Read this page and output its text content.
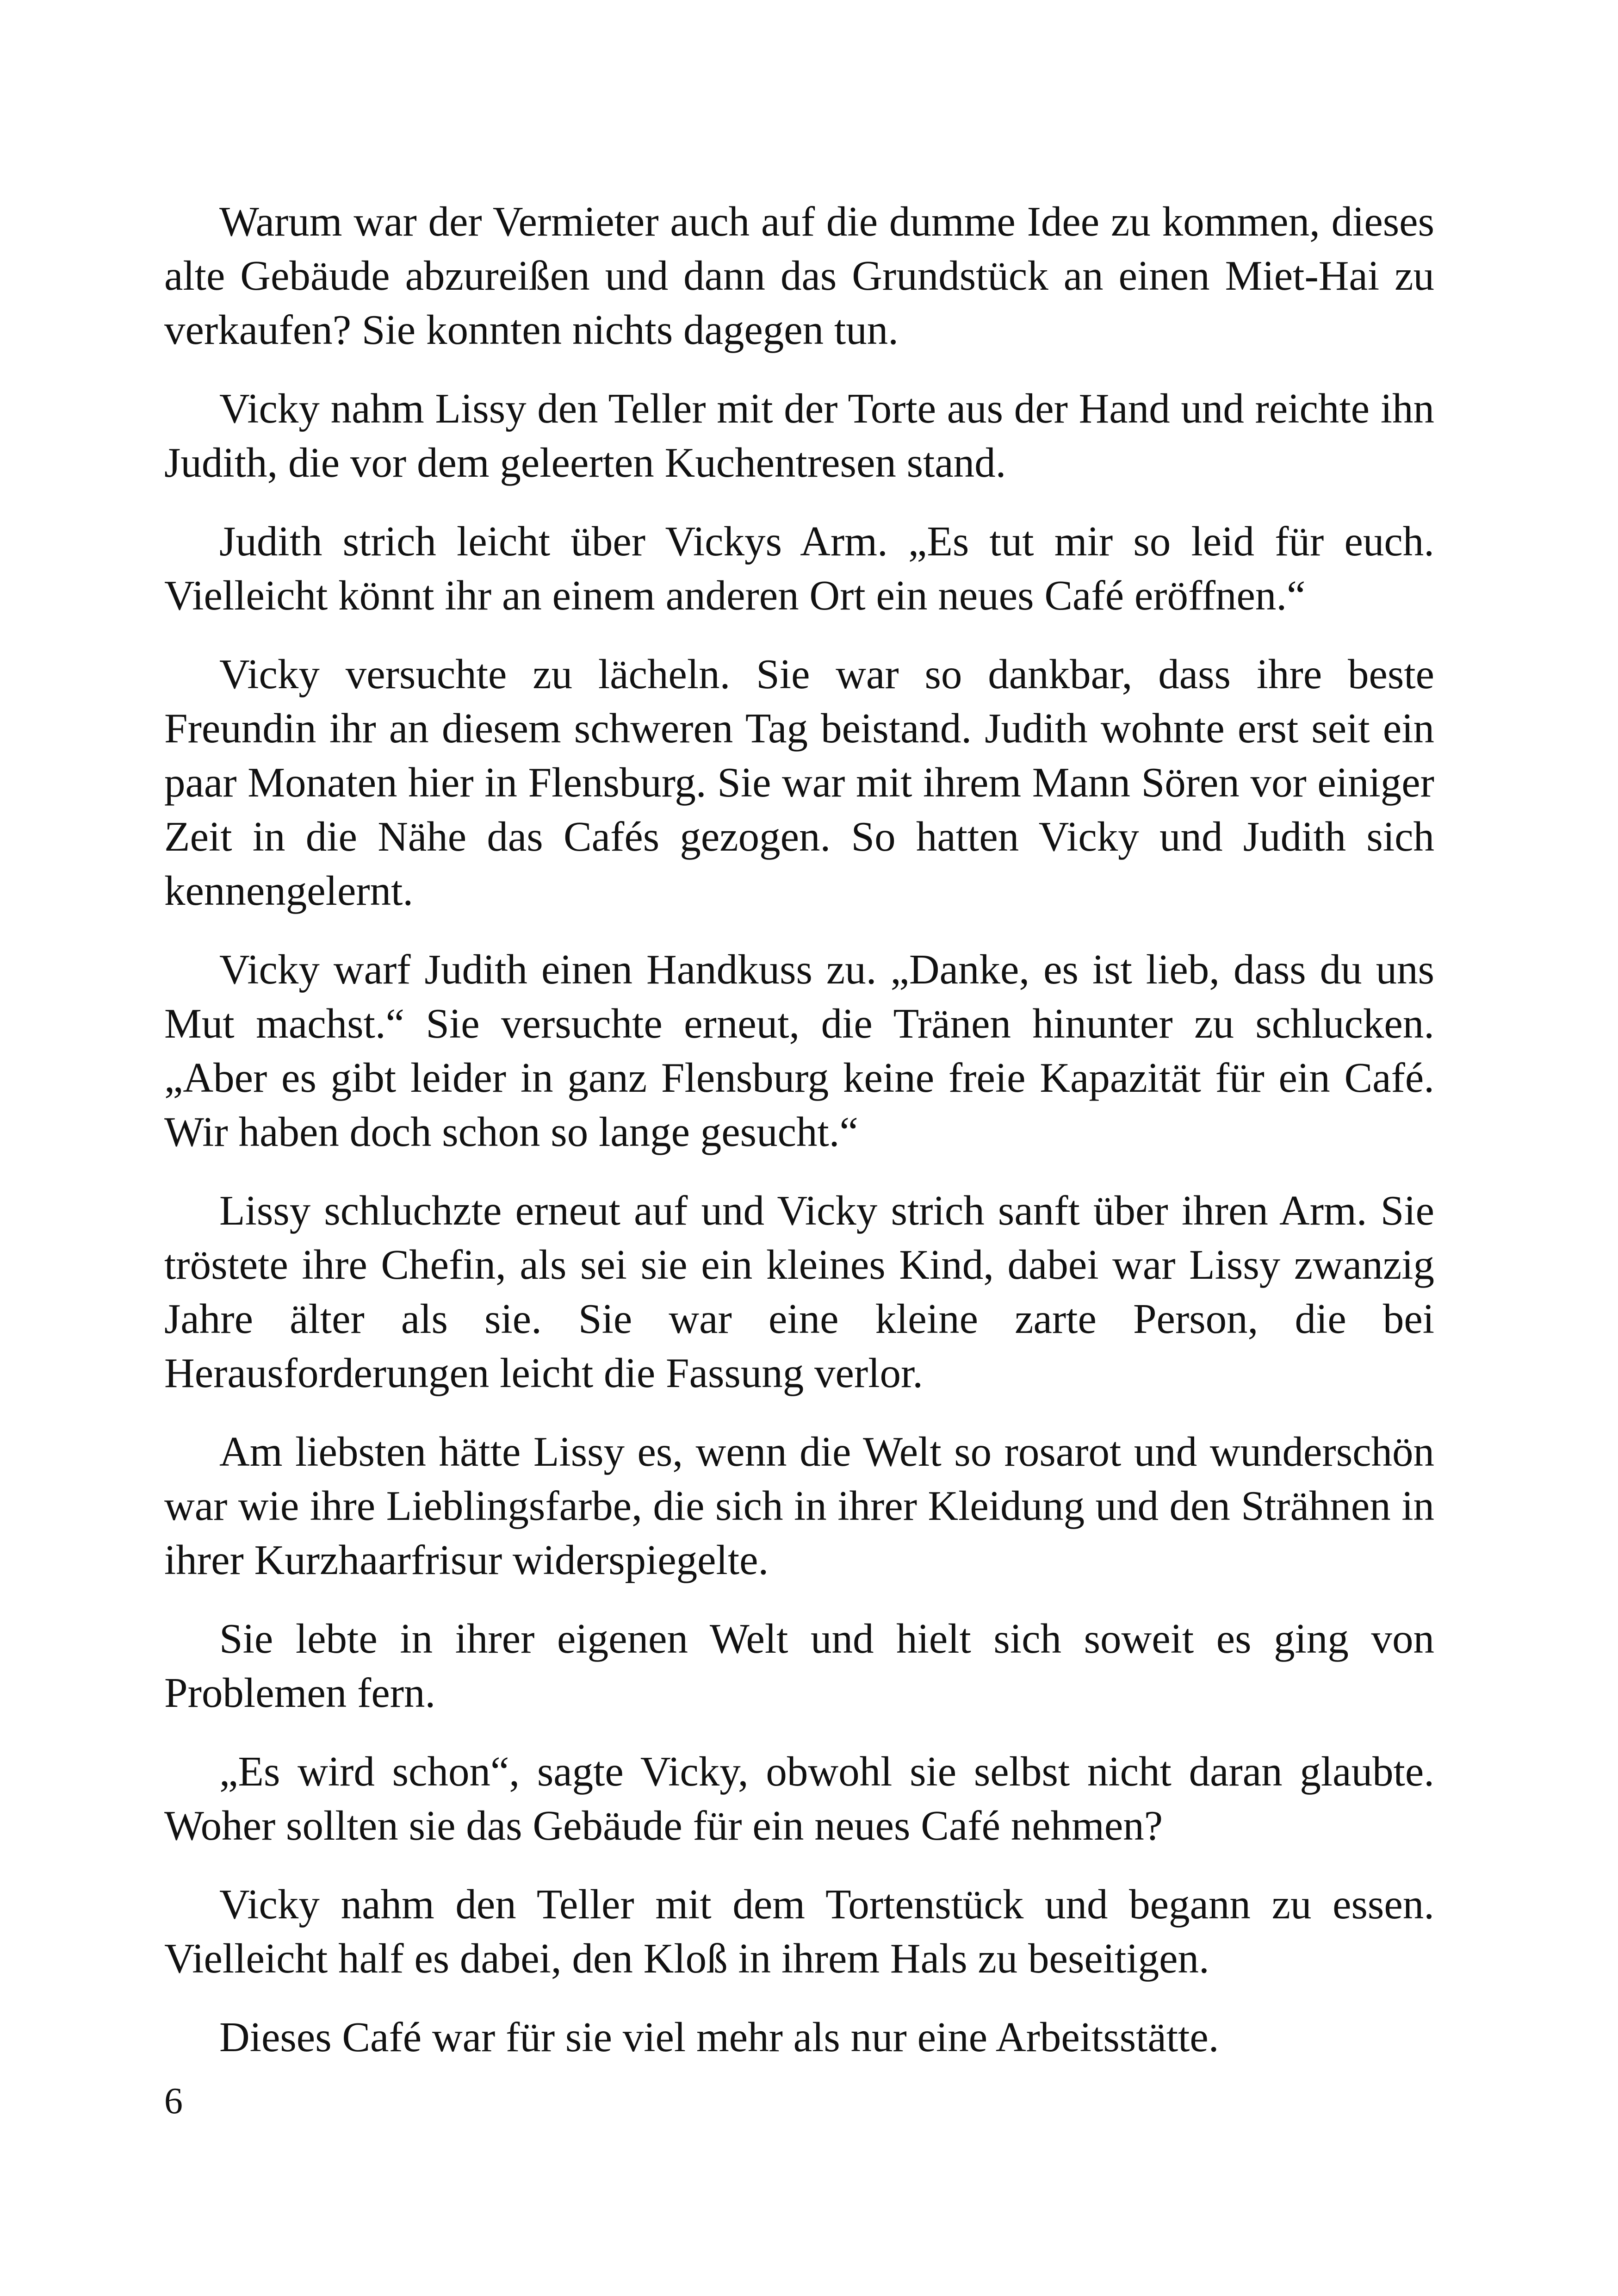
Warum war der Vermieter auch auf die dumme Idee zu kommen, dieses alte Gebäude abzureißen und dann das Grundstück an einen Miet-Hai zu verkaufen? Sie konnten nichts dagegen tun.

Vicky nahm Lissy den Teller mit der Torte aus der Hand und reichte ihn Judith, die vor dem geleerten Kuchentresen stand.

Judith strich leicht über Vickys Arm. „Es tut mir so leid für euch. Vielleicht könnt ihr an einem anderen Ort ein neues Café eröffnen.“

Vicky versuchte zu lächeln. Sie war so dankbar, dass ihre beste Freundin ihr an diesem schweren Tag beistand. Judith wohnte erst seit ein paar Monaten hier in Flensburg. Sie war mit ihrem Mann Sören vor einiger Zeit in die Nähe das Cafés gezogen. So hatten Vicky und Judith sich kennengelernt.

Vicky warf Judith einen Handkuss zu. „Danke, es ist lieb, dass du uns Mut machst.“ Sie versuchte erneut, die Tränen hinunter zu schlucken. „Aber es gibt leider in ganz Flensburg keine freie Kapazität für ein Café. Wir haben doch schon so lange gesucht.“

Lissy schluchzte erneut auf und Vicky strich sanft über ihren Arm. Sie tröstete ihre Chefin, als sei sie ein kleines Kind, dabei war Lissy zwanzig Jahre älter als sie. Sie war eine kleine zarte Person, die bei Herausforderungen leicht die Fassung verlor.

Am liebsten hätte Lissy es, wenn die Welt so rosarot und wunderschön war wie ihre Lieblingsfarbe, die sich in ihrer Kleidung und den Strähnen in ihrer Kurzhaarfrisur widerspiegelte.

Sie lebte in ihrer eigenen Welt und hielt sich soweit es ging von Problemen fern.

„Es wird schon“, sagte Vicky, obwohl sie selbst nicht daran glaubte. Woher sollten sie das Gebäude für ein neues Café nehmen?

Vicky nahm den Teller mit dem Tortenstück und begann zu essen. Vielleicht half es dabei, den Kloß in ihrem Hals zu beseitigen.

Dieses Café war für sie viel mehr als nur eine Arbeitsstätte.

6
